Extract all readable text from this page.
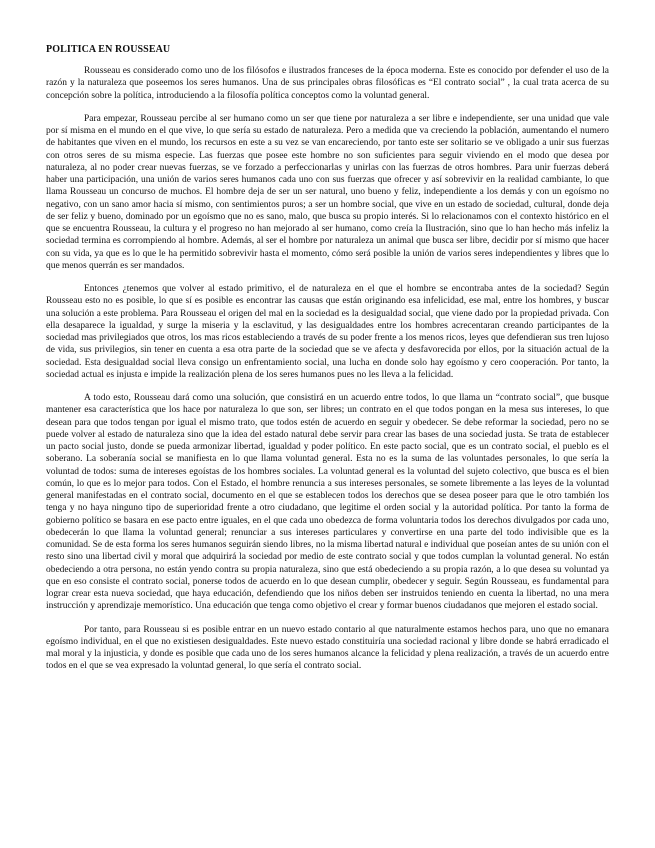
POLITICA EN ROUSSEAU

Rousseau es considerado como uno de los filósofos e ilustrados franceses de la época moderna. Este es conocido por defender el uso de la razón y la naturaleza que poseemos los seres humanos. Una de sus principales obras filosóficas es “El contrato social” , la cual trata acerca de su concepción sobre la política, introduciendo a la filosofía política conceptos como la voluntad general.

Para empezar, Rousseau percibe al ser humano como un ser que tiene por naturaleza a ser libre e independiente, ser una unidad que vale por sí misma en el mundo en el que vive, lo que sería su estado de naturaleza. Pero a medida que va creciendo la población, aumentando el numero de habitantes que viven en el mundo, los recursos en este a su vez se van encareciendo, por tanto este ser solitario se ve obligado a unir sus fuerzas con otros seres de su misma especie. Las fuerzas que posee este hombre no son suficientes para seguir viviendo en el modo que desea por naturaleza, al no poder crear nuevas fuerzas, se ve forzado a perfeccionarlas y unirlas con las fuerzas de otros hombres. Para unir fuerzas deberá haber una participación, una unión de varios seres humanos cada uno con sus fuerzas que ofrecer y así sobrevivir en la realidad cambiante, lo que llama Rousseau un concurso de muchos. El hombre deja de ser un ser natural, uno bueno y feliz, independiente a los demás y con un egoísmo no negativo, con un sano amor hacia sí mismo, con sentimientos puros; a ser un hombre social, que vive en un estado de sociedad, cultural, donde deja de ser feliz y bueno, dominado por un egoísmo que no es sano, malo, que busca su propio interés. Si lo relacionamos con el contexto histórico en el que se encuentra Rousseau, la cultura y el progreso no han mejorado al ser humano, como creía la Ilustración, sino que lo han hecho más infeliz la sociedad termina es corrompiendo al hombre. Además, al ser el hombre por naturaleza un animal que busca ser libre, decidir por sí mismo que hacer con su vida, ya que es lo que le ha permitido sobrevivir hasta el momento, cómo será posible la unión de varios seres independientes y libres que lo que menos querrán es ser mandados.

Entonces ¿tenemos que volver al estado primitivo, el de naturaleza en el que el hombre se encontraba antes de la sociedad? Según Rousseau esto no es posible, lo que sí es posible es encontrar las causas que están originando esa infelicidad, ese mal, entre los hombres, y buscar una solución a este problema. Para Rousseau el origen del mal en la sociedad es la desigualdad social, que viene dado por la propiedad privada. Con ella desaparece la igualdad, y surge la miseria y la esclavitud, y las desigualdades entre los hombres acrecentaran creando participantes de la sociedad mas privilegiados que otros, los mas ricos estableciendo a través de su poder frente a los menos ricos, leyes que defendieran sus tren lujoso de vida, sus privilegios, sin tener en cuenta a esa otra parte de la sociedad que se ve afecta y desfavorecida por ellos, por la situación actual de la sociedad. Esta desigualdad social lleva consigo un enfrentamiento social, una lucha en donde solo hay egoísmo y cero cooperación. Por tanto, la sociedad actual es injusta e impide la realización plena de los seres humanos pues no les lleva a la felicidad.

A todo esto, Rousseau dará como una solución, que consistirá en un acuerdo entre todos, lo que llama un “contrato social”, que busque mantener esa característica que los hace por naturaleza lo que son, ser libres; un contrato en el que todos pongan en la mesa sus intereses, lo que desean para que todos tengan por igual el mismo trato, que todos estén de acuerdo en seguir y obedecer. Se debe reformar la sociedad, pero no se puede volver al estado de naturaleza sino que la idea del estado natural debe servir para crear las bases de una sociedad justa. Se trata de establecer un pacto social justo, donde se pueda armonizar libertad, igualdad y poder político. En este pacto social, que es un contrato social, el pueblo es el soberano. La soberanía social se manifiesta en lo que llama voluntad general. Esta no es la suma de las voluntades personales, lo que sería la voluntad de todos: suma de intereses egoístas de los hombres sociales. La voluntad general es la voluntad del sujeto colectivo, que busca es el bien común, lo que es lo mejor para todos. Con el Estado, el hombre renuncia a sus intereses personales, se somete libremente a las leyes de la voluntad general manifestadas en el contrato social, documento en el que se establecen todos los derechos que se desea poseer para que le otro también los tenga y no haya ninguno tipo de superioridad frente a otro ciudadano, que legitime el orden social y la autoridad política. Por tanto la forma de gobierno político se basara en ese pacto entre iguales, en el que cada uno obedezca de forma voluntaria todos los derechos divulgados por cada uno, obedecerán lo que llama la voluntad general; renunciar a sus intereses particulares y convertirse en una parte del todo indivisible que es la comunidad. Se de esta forma los seres humanos seguirán siendo libres, no la misma libertad natural e individual que poseían antes de su unión con el resto sino una libertad civil y moral que adquirirá la sociedad por medio de este contrato social y que todos cumplan la voluntad general. No están obedeciendo a otra persona, no están yendo contra su propia naturaleza, sino que está obedeciendo a su propia razón, a lo que desea su voluntad ya que en eso consiste el contrato social, ponerse todos de acuerdo en lo que desean cumplir, obedecer y seguir. Según Rousseau, es fundamental para lograr crear esta nueva sociedad, que haya educación, defendiendo que los niños deben ser instruidos teniendo en cuenta la libertad, no una mera instrucción y aprendizaje memorístico. Una educación que tenga como objetivo el crear y formar buenos ciudadanos que mejoren el estado social.

Por tanto, para Rousseau si es posible entrar en un nuevo estado contario al que naturalmente estamos hechos para, uno que no emanara egoísmo individual, en el que no existiesen desigualdades. Este nuevo estado constituiría una sociedad racional y libre donde se habrá erradicado el mal moral y la injusticia, y donde es posible que cada uno de los seres humanos alcance la felicidad y plena realización, a través de un acuerdo entre todos en el que se vea expresado la voluntad general, lo que sería el contrato social.
